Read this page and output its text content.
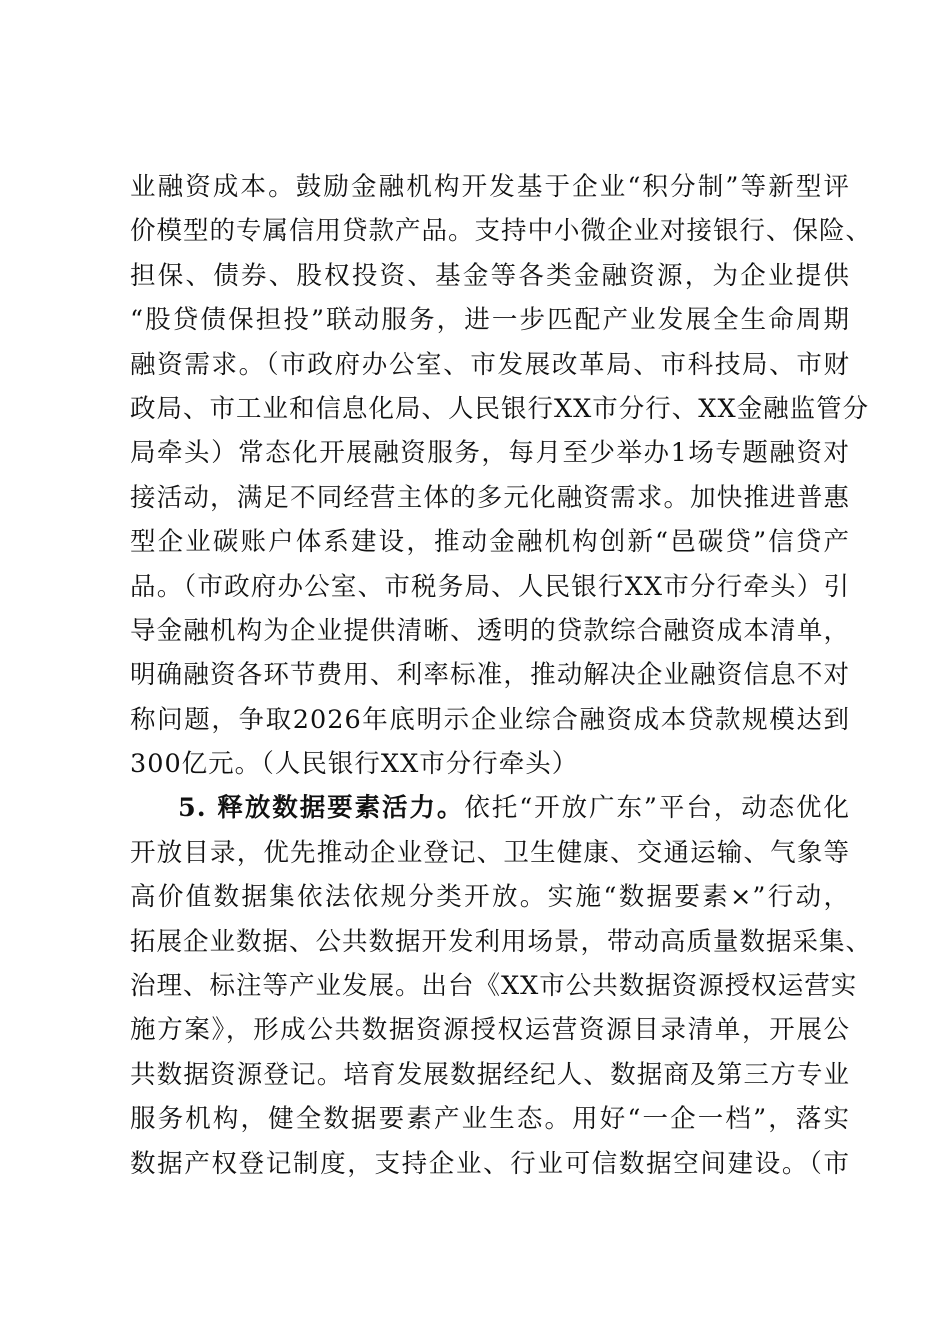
业融资成本。鼓励金融机构开发基于企业“积分制”等新型评
价模型的专属信用贷款产品。支持中小微企业对接银行、保险、
担保、债券、股权投资、基金等各类金融资源，为企业提供
“股贷债保担投”联动服务，进一步匹配产业发展全生命周期
融资需求。（市政府办公室、市发展改革局、市科技局、市财
政局、市工业和信息化局、人民银行XX市分行、XX金融监管分
局牵头）常态化开展融资服务，每月至少举办1场专题融资对
接活动，满足不同经营主体的多元化融资需求。加快推进普惠
型企业碳账户体系建设，推动金融机构创新“邑碳贷”信贷产
品。（市政府办公室、市税务局、人民银行XX市分行牵头）引
导金融机构为企业提供清晰、透明的贷款综合融资成本清单，
明确融资各环节费用、利率标准，推动解决企业融资信息不对
称问题，争取2026年底明示企业综合融资成本贷款规模达到
300亿元。（人民银行XX市分行牵头）
5. 释放数据要素活力。依托“开放广东”平台，动态优化
开放目录，优先推动企业登记、卫生健康、交通运输、气象等
高价值数据集依法依规分类开放。实施“数据要素×”行动，
拓展企业数据、公共数据开发利用场景，带动高质量数据采集、
治理、标注等产业发展。出台《XX市公共数据资源授权运营实
施方案》，形成公共数据资源授权运营资源目录清单，开展公
共数据资源登记。培育发展数据经纪人、数据商及第三方专业
服务机构，健全数据要素产业生态。用好“一企一档”，落实
数据产权登记制度，支持企业、行业可信数据空间建设。（市
